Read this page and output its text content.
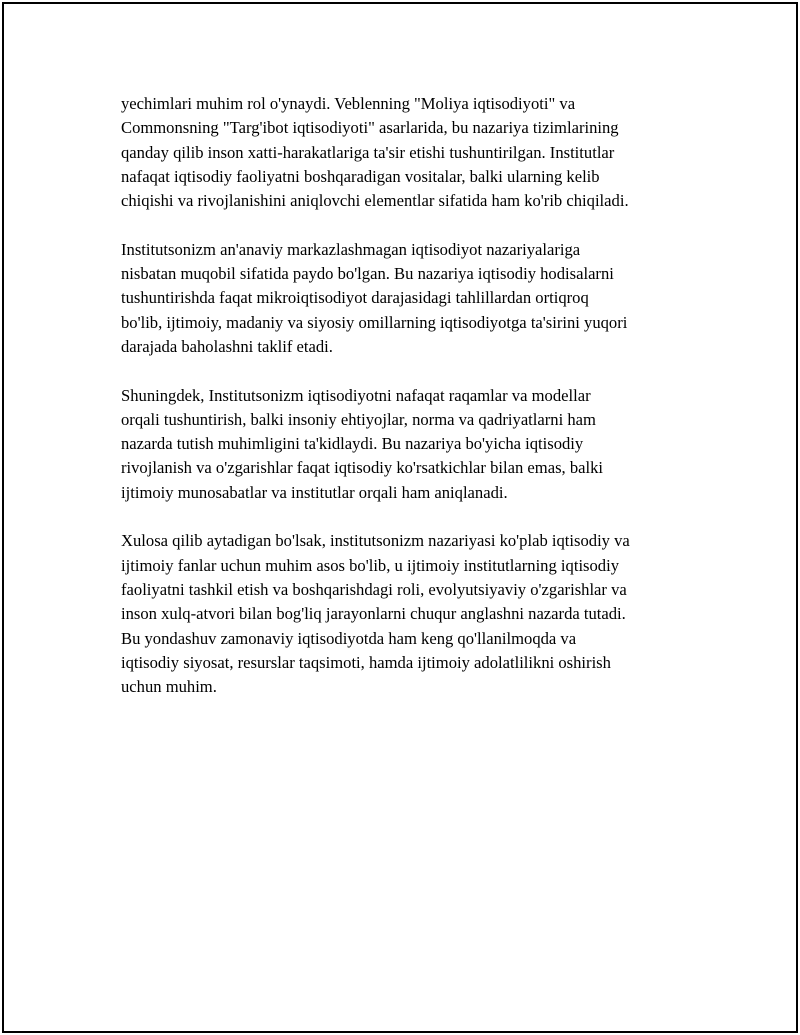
yechimlari muhim rol o'ynaydi. Veblenning "Moliya iqtisodiyoti" va
Commonsning "Targ'ibot iqtisodiyoti" asarlarida, bu nazariya tizimlarining
qanday qilib inson xatti-harakatlariga ta'sir etishi tushuntirilgan. Institutlar
nafaqat iqtisodiy faoliyatni boshqaradigan vositalar, balki ularning kelib
chiqishi va rivojlanishini aniqlovchi elementlar sifatida ham ko'rib chiqiladi.

Institutsonizm an'anaviy markazlashmagan iqtisodiyot nazariyalariga
nisbatan muqobil sifatida paydo bo'lgan. Bu nazariya iqtisodiy hodisalarni
tushuntirishda faqat mikroiqtisodiyot darajasidagi tahlillardan ortiqroq
bo'lib, ijtimoiy, madaniy va siyosiy omillarning iqtisodiyotga ta'sirini yuqori
darajada baholashni taklif etadi.

Shuningdek, Institutsonizm iqtisodiyotni nafaqat raqamlar va modellar
orqali tushuntirish, balki insoniy ehtiyojlar, norma va qadriyatlarni ham
nazarda tutish muhimligini ta'kidlaydi. Bu nazariya bo'yicha iqtisodiy
rivojlanish va o'zgarishlar faqat iqtisodiy ko'rsatkichlar bilan emas, balki
ijtimoiy munosabatlar va institutlar orqali ham aniqlanadi.

Xulosa qilib aytadigan bo'lsak, institutsonizm nazariyasi ko'plab iqtisodiy va
ijtimoiy fanlar uchun muhim asos bo'lib, u ijtimoiy institutlarning iqtisodiy
faoliyatni tashkil etish va boshqarishdagi roli, evolyutsiyaviy o'zgarishlar va
inson xulq-atvori bilan bog'liq jarayonlarni chuqur anglashni nazarda tutadi.
Bu yondashuv zamonaviy iqtisodiyotda ham keng qo'llanilmoqda va
iqtisodiy siyosat, resurslar taqsimoti, hamda ijtimoiy adolatlilikni oshirish
uchun muhim.
